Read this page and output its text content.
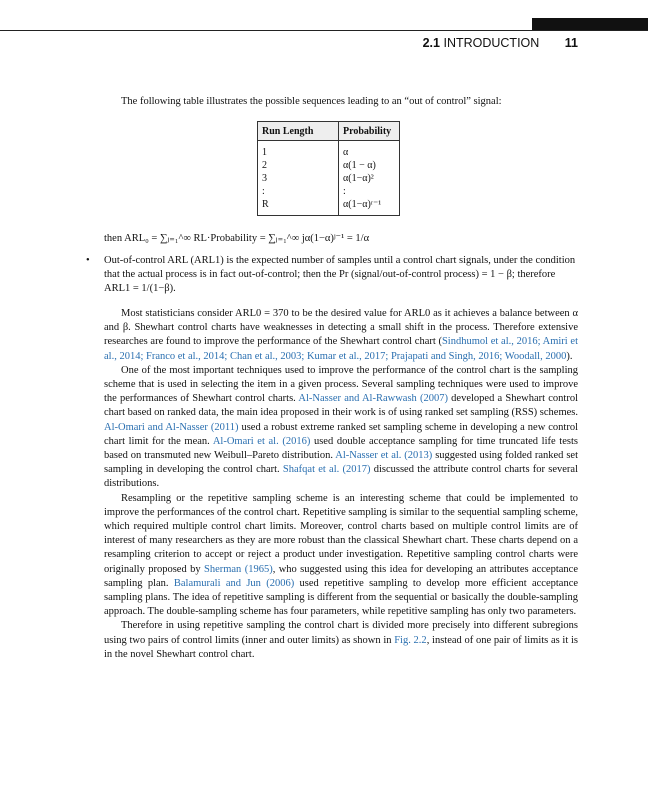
2.1 INTRODUCTION 11

The following table illustrates the possible sequences leading to an “out of control” signal:

Run Length	Probability
1	α
2	α(1 − α)
3	α(1−α)²
:	:
R	α(1−α)ʳ⁻¹
then ARL₀ = ∑ⱼ₌₁^∞ RL·Probability = ∑ⱼ₌₁^∞ jα(1−α)ʲ⁻¹ = 1/α
• Out-of-control ARL (ARL1) is the expected number of samples until a control chart signals, under the condition that the actual process is in fact out-of-control; then the Pr (signal/out-of-control process) = 1 − β; therefore ARL1 = 1/(1−β).

Most statisticians consider ARL0 = 370 to be the desired value for ARL0 as it achieves a balance between α and β. Shewhart control charts have weaknesses in detecting a small shift in the process. Therefore extensive researches are found to improve the performance of the Shewhart control chart (Sindhumol et al., 2016; Amiri et al., 2014; Franco et al., 2014; Chan et al., 2003; Kumar et al., 2017; Prajapati and Singh, 2016; Woodall, 2000).

One of the most important techniques used to improve the performance of the control chart is the sampling scheme that is used in selecting the item in a given process. Several sampling techniques were used to improve the performances of Shewhart control charts. Al-Nasser and Al-Rawwash (2007) developed a Shewhart control chart based on ranked data, the main idea proposed in their work is of using ranked set sampling (RSS) schemes. Al-Omari and Al-Nasser (2011) used a robust extreme ranked set sampling scheme in developing a new control chart limit for the mean. Al-Omari et al. (2016) used double acceptance sampling for time truncated life tests based on transmuted new Weibull–Pareto distribution. Al-Nasser et al. (2013) suggested using folded ranked set sampling in developing the control chart. Shafqat et al. (2017) discussed the attribute control charts for several distributions.

Resampling or the repetitive sampling scheme is an interesting scheme that could be implemented to improve the performances of the control chart. Repetitive sampling is similar to the sequential sampling scheme, which required multiple control chart limits. Moreover, control charts based on multiple control limits are of interest of many researchers as they are more robust than the classical Shewhart chart. These charts depend on a resampling criterion to accept or reject a product under investigation. Repetitive sampling control charts were originally proposed by Sherman (1965), who suggested using this idea for developing an attributes acceptance sampling plan. Balamurali and Jun (2006) used repetitive sampling to develop more efficient acceptance sampling plans. The idea of repetitive sampling is different from the sequential or basically the double-sampling approach. The double-sampling scheme has four parameters, while repetitive sampling has only two parameters.

Therefore in using repetitive sampling the control chart is divided more precisely into different subregions using two pairs of control limits (inner and outer limits) as shown in Fig. 2.2, instead of one pair of limits as it is in the novel Shewhart control chart.
